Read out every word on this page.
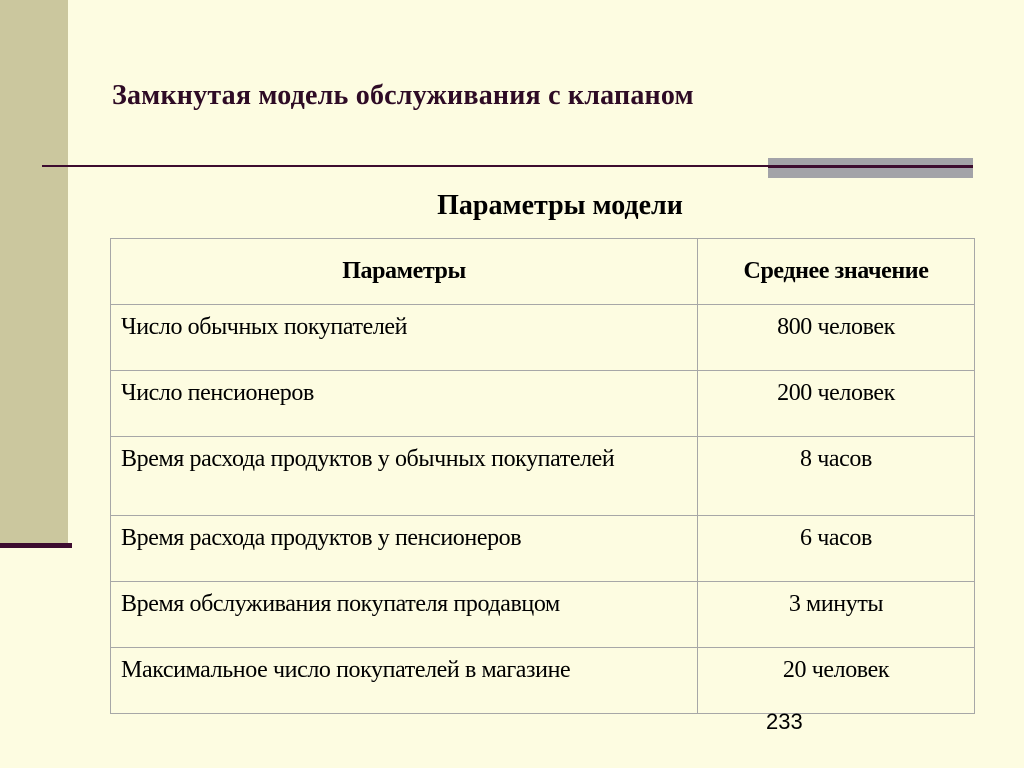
Замкнутая модель обслуживания с клапаном
Параметры модели
Параметры	Среднее значение
Число обычных покупателей	800 человек
Число пенсионеров	200 человек
Время расхода продуктов у обычных покупателей	8 часов
Время расхода продуктов у пенсионеров	6 часов
Время обслуживания покупателя продавцом	3 минуты
Максимальное число покупателей в магазине	20 человек
233
